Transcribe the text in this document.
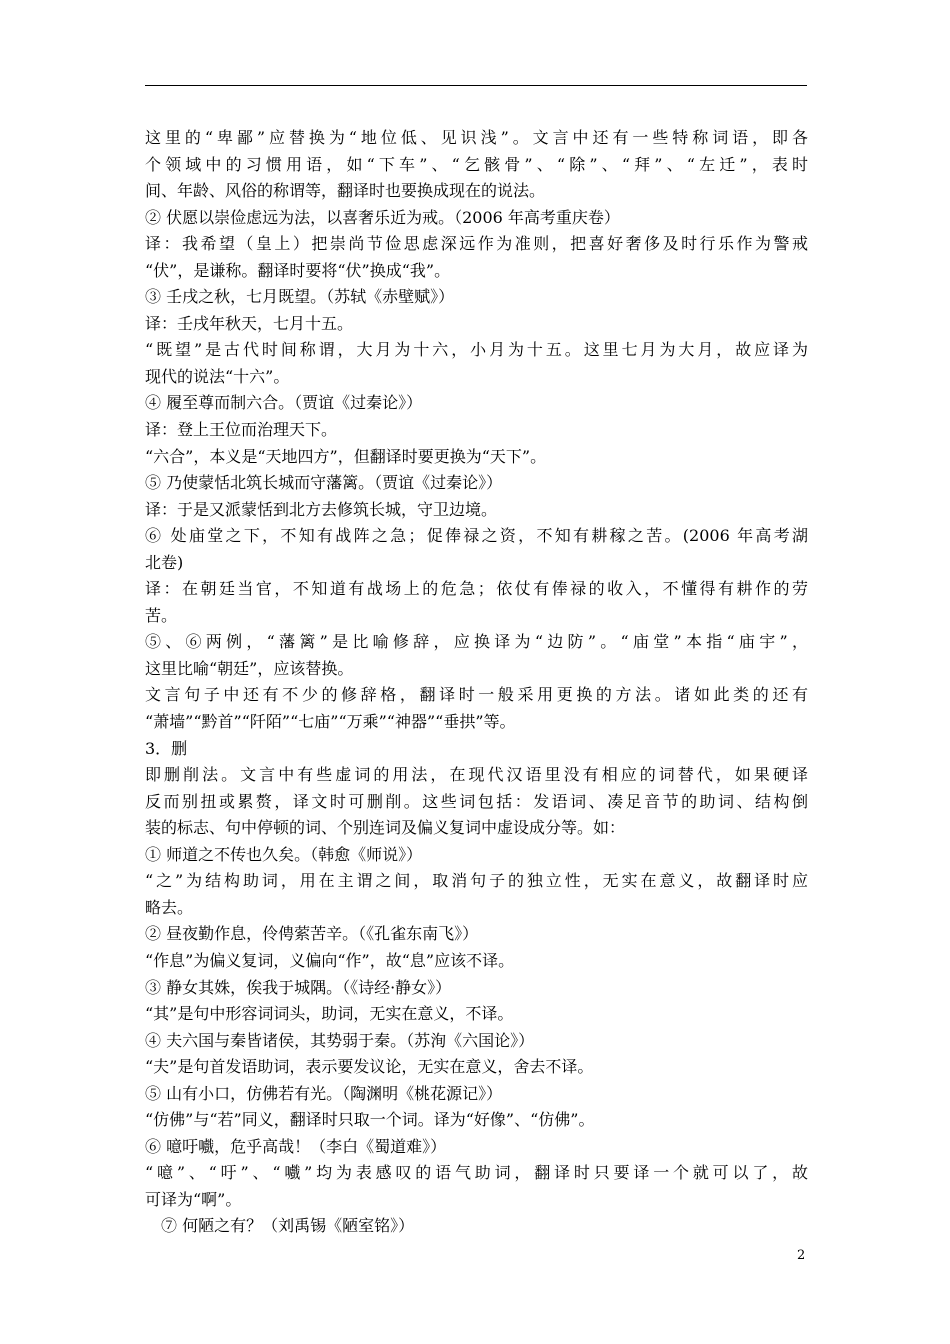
这里的“卑鄙”应替换为“地位低、见识浅”。文言中还有一些特称词语，即各
个领域中的习惯用语，如“下车”、“乞骸骨”、“除”、“拜”、“左迁”，表时
间、年龄、风俗的称谓等，翻译时也要换成现在的说法。
② 伏愿以崇俭虑远为法，以喜奢乐近为戒。（2006 年高考重庆卷）
译：我希望（皇上）把崇尚节俭思虑深远作为准则，把喜好奢侈及时行乐作为警戒
“伏”，是谦称。翻译时要将“伏”换成“我”。
③ 壬戌之秋，七月既望。（苏轼《赤壁赋》）
译：壬戌年秋天，七月十五。
“既望”是古代时间称谓，大月为十六，小月为十五。这里七月为大月，故应译为
现代的说法“十六”。
④ 履至尊而制六合。（贾谊《过秦论》）
译：登上王位而治理天下。
“六合”，本义是“天地四方”，但翻译时要更换为“天下”。
⑤ 乃使蒙恬北筑长城而守藩篱。（贾谊《过秦论》）
译：于是又派蒙恬到北方去修筑长城，守卫边境。
⑥ 处庙堂之下，不知有战阵之急；促俸禄之资，不知有耕稼之苦。(2006 年高考湖
北卷)
译：在朝廷当官，不知道有战场上的危急；依仗有俸禄的收入，不懂得有耕作的劳
苦。
⑤、⑥两例，“藩篱”是比喻修辞，应换译为“边防”。“庙堂”本指“庙宇”，
这里比喻“朝廷”，应该替换。
文言句子中还有不少的修辞格，翻译时一般采用更换的方法。诸如此类的还有
“萧墙”“黔首”“阡陌”“七庙”“万乘”“神器”“垂拱”等。
3．删
即删削法。文言中有些虚词的用法，在现代汉语里没有相应的词替代，如果硬译
反而别扭或累赘，译文时可删削。这些词包括：发语词、凑足音节的助词、结构倒
装的标志、句中停顿的词、个别连词及偏义复词中虚设成分等。如：
① 师道之不传也久矣。（韩愈《师说》）
“之”为结构助词，用在主谓之间，取消句子的独立性，无实在意义，故翻译时应
略去。
② 昼夜勤作息，伶俜萦苦辛。（《孔雀东南飞》）
“作息”为偏义复词，义偏向“作”，故“息”应该不译。
③ 静女其姝，俟我于城隅。（《诗经·静女》）
“其”是句中形容词词头，助词，无实在意义，不译。
④ 夫六国与秦皆诸侯，其势弱于秦。（苏洵《六国论》）
“夫”是句首发语助词，表示要发议论，无实在意义，舍去不译。
⑤ 山有小口，仿佛若有光。（陶渊明《桃花源记》）
“仿佛”与“若”同义，翻译时只取一个词。译为“好像”、“仿佛”。
⑥ 噫吁嚱，危乎高哉！（李白《蜀道难》）
“噫”、“吁”、“嚱”均为表感叹的语气助词，翻译时只要译一个就可以了，故
可译为“啊”。
⑦ 何陋之有？（刘禹锡《陋室铭》）
2
